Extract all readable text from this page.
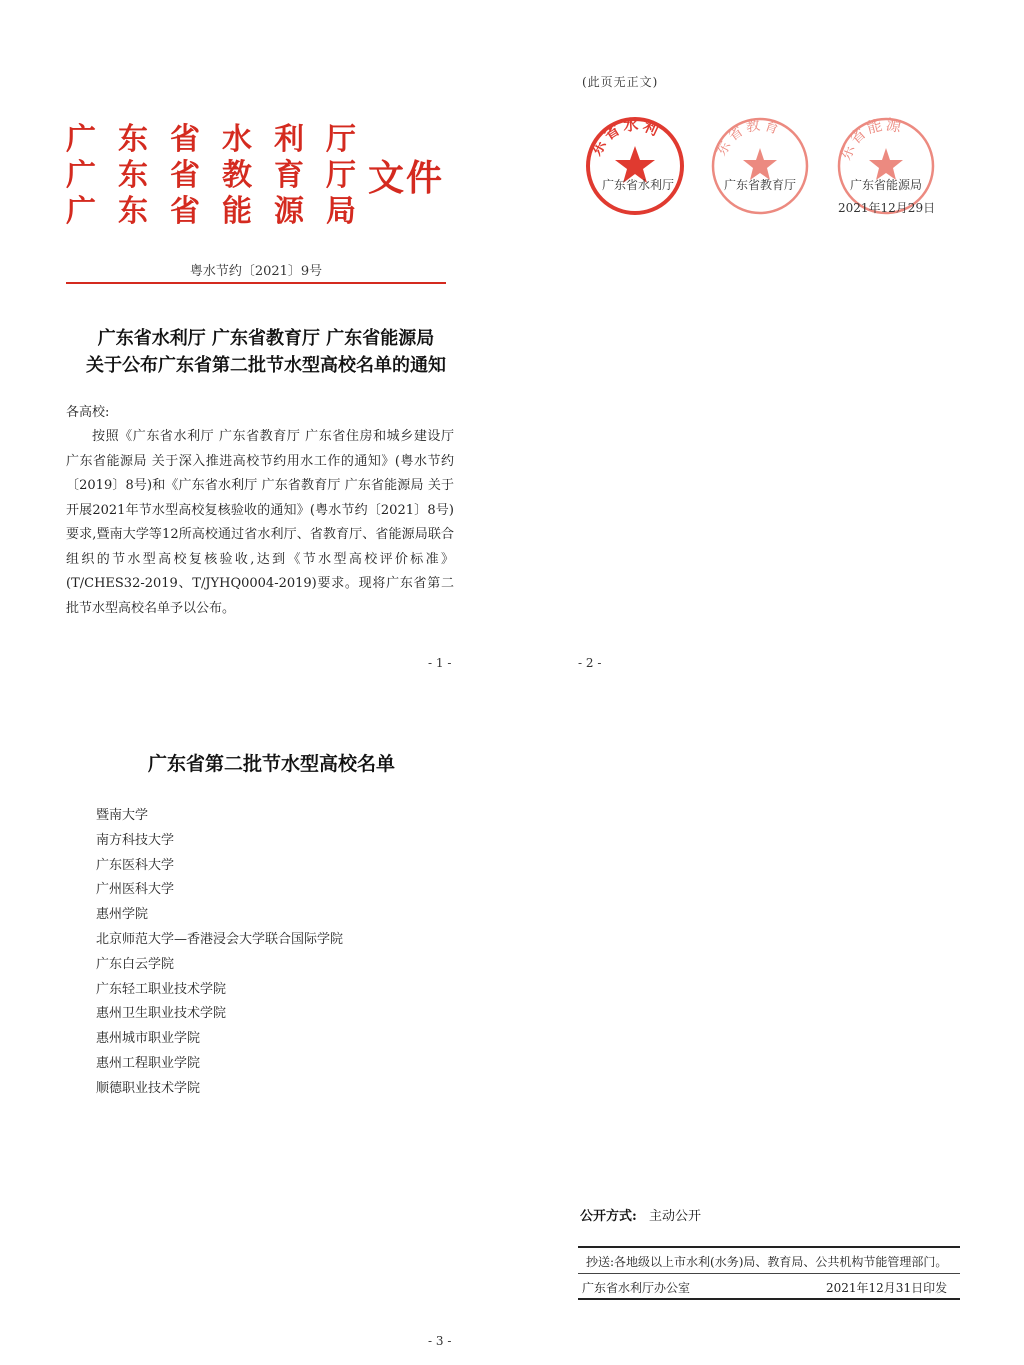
广东省水利厅
广东省教育厅
广东省能源局
文件
粤水节约〔2021〕9号
广东省水利厅 广东省教育厅 广东省能源局
关于公布广东省第二批节水型高校名单的通知
各高校:

按照《广东省水利厅 广东省教育厅 广东省住房和城乡建设厅 广东省能源局 关于深入推进高校节约用水工作的通知》(粤水节约〔2019〕8号)和《广东省水利厅 广东省教育厅 广东省能源局 关于开展2021年节水型高校复核验收的通知》(粤水节约〔2021〕8号)要求,暨南大学等12所高校通过省水利厅、省教育厅、省能源局联合组织的节水型高校复核验收,达到《节水型高校评价标准》(T/CHES32-2019、T/JYHQ0004-2019)要求。现将广东省第二批节水型高校名单予以公布。

- 1 -
(此页无正文)
东省水利
广东省水利厅
东省教育
广东省教育厅
东省能源
广东省能源局
2021年12月29日
- 2 -
广东省第二批节水型高校名单
暨南大学
南方科技大学
广东医科大学
广州医科大学
惠州学院
北京师范大学—香港浸会大学联合国际学院
广东白云学院
广东轻工职业技术学院
惠州卫生职业技术学院
惠州城市职业学院
惠州工程职业学院
顺德职业技术学院
公开方式: 主动公开
抄送:各地级以上市水利(水务)局、教育局、公共机构节能管理部门。
广东省水利厅办公室	2021年12月31日印发
- 3 -
